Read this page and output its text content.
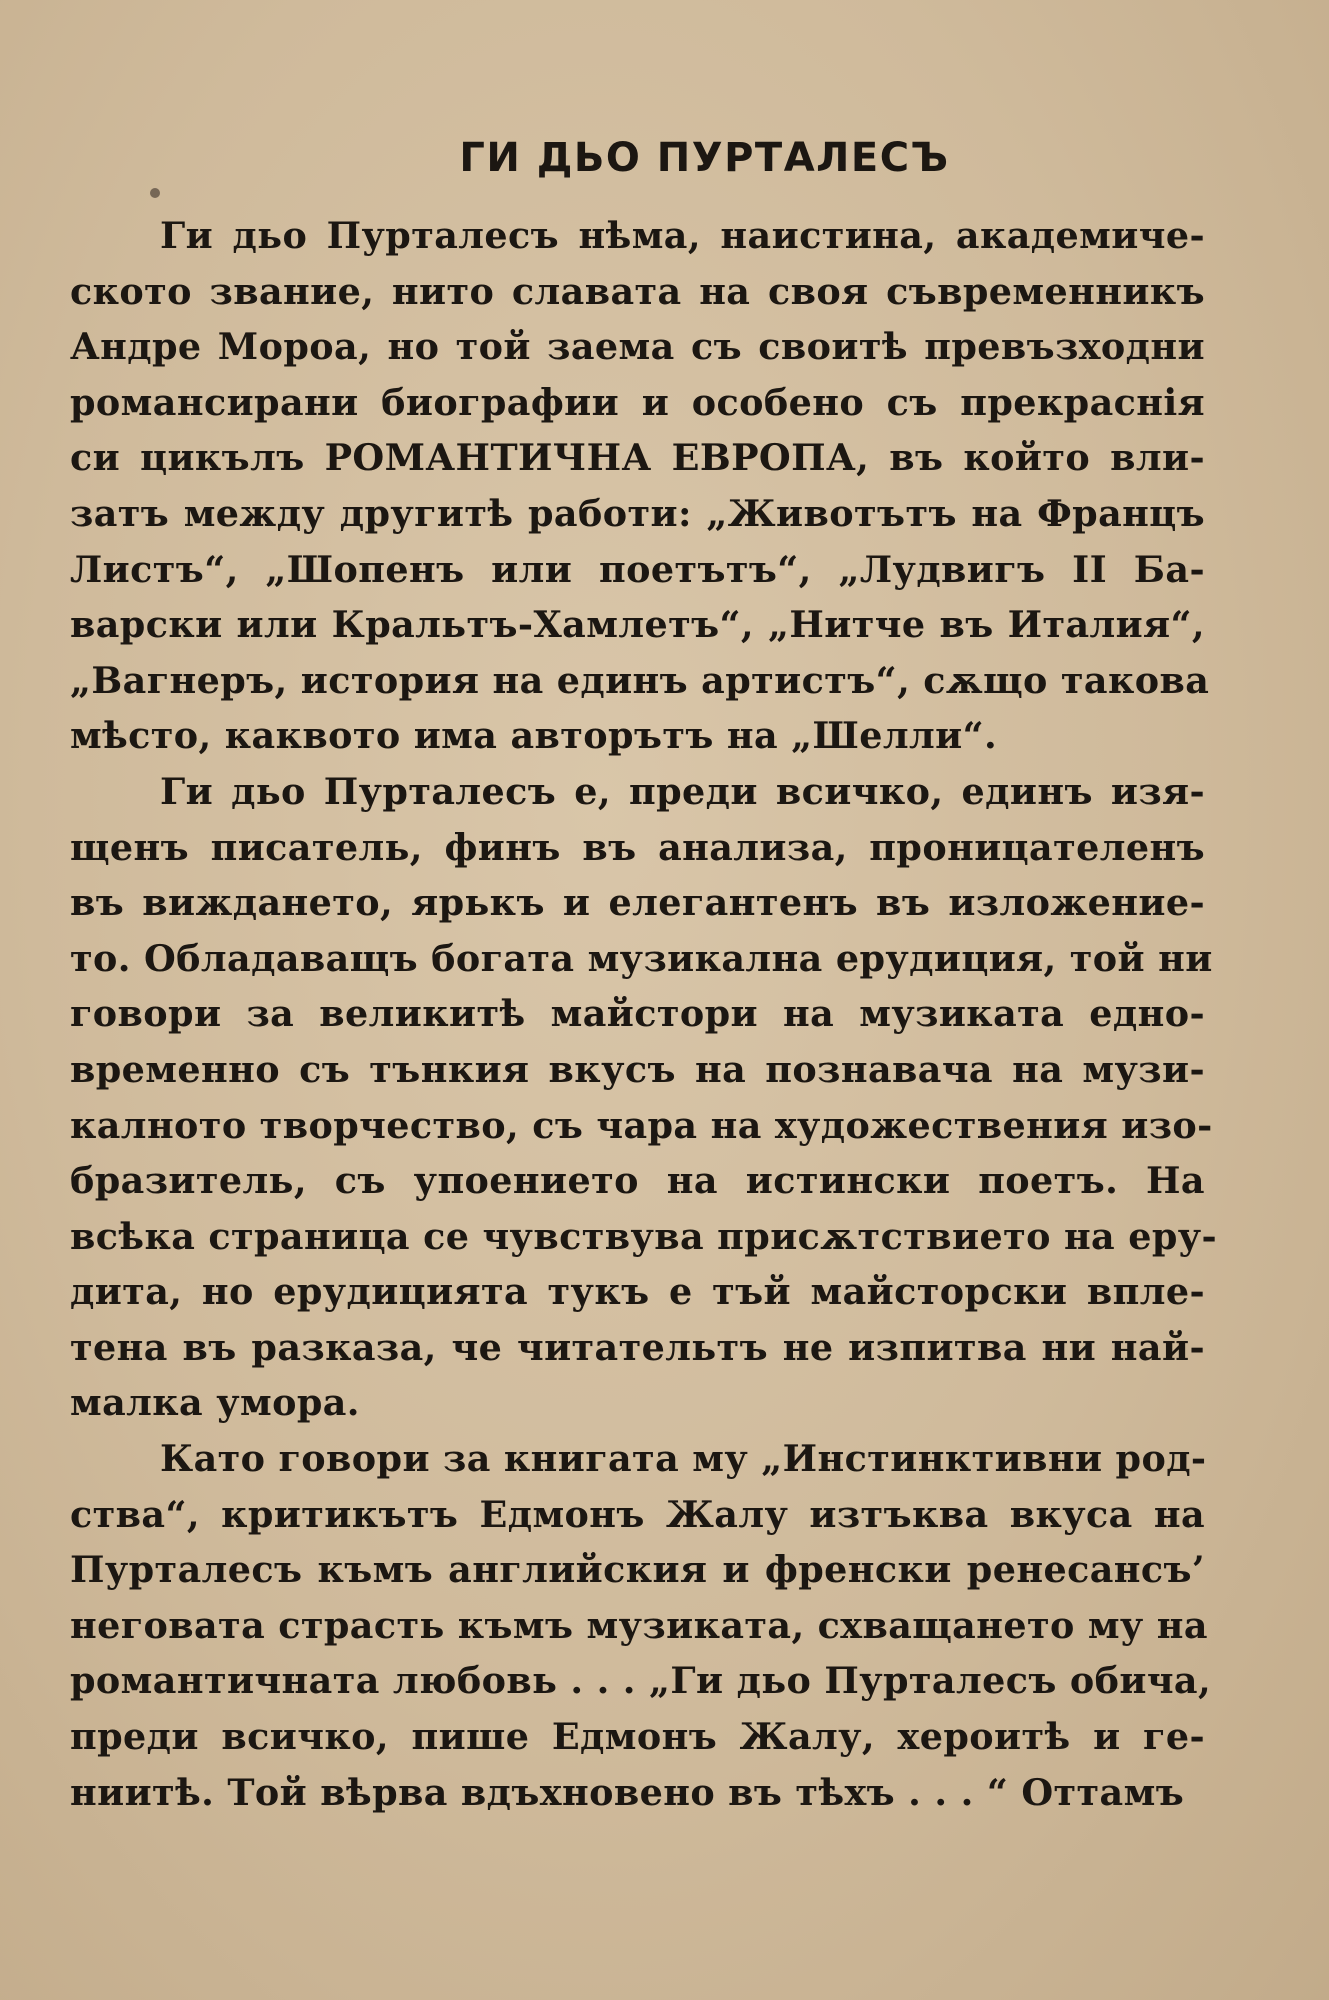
ГИ ДЬО ПУРТАЛЕСЪ
Ги дьо Пурталесъ нѣма, наистина, академиче-
ското звание, нито славата на своя съвременникъ
Андре Мороа, но той заема съ своитѣ превъзходни
романсирани биографии и особено съ прекраснія
си цикълъ РОМАНТИЧНА ЕВРОПА, въ който вли-
затъ между другитѣ работи: „Животътъ на Францъ
Листъ“, „Шопенъ или поетътъ“, „Лудвигъ II Ба-
варски или Кральтъ-Хамлетъ“, „Нитче въ Италия“,
„Вагнеръ, история на единъ артистъ“, сѫщо такова
мѣсто, каквото има авторътъ на „Шелли“.
Ги дьо Пурталесъ е, преди всичко, единъ изя-
щенъ писатель, финъ въ анализа, проницателенъ
въ виждането, ярькъ и елегантенъ въ изложение-
то. Обладаващъ богата музикална ерудиция, той ни
говори за великитѣ майстори на музиката едно-
временно съ тънкия вкусъ на познавача на музи-
калното творчество, съ чара на художествения изо-
бразитель, съ упоението на истински поетъ. На
всѣка страница се чувствува присѫтствието на еру-
дита, но ерудицията тукъ е тъй майсторски впле-
тена въ разказа, че читательтъ не изпитва ни най-
малка умора.
Като говори за книгата му „Инстинктивни род-
ства“, критикътъ Едмонъ Жалу изтъква вкуса на
Пурталесъ къмъ английския и френски ренесансъ’
неговата страсть къмъ музиката, схващането му на
романтичната любовь . . . „Ги дьо Пурталесъ обича,
преди всичко, пише Едмонъ Жалу, хероитѣ и ге-
ниитѣ. Той вѣрва вдъхновено въ тѣхъ . . . “ Оттамъ
